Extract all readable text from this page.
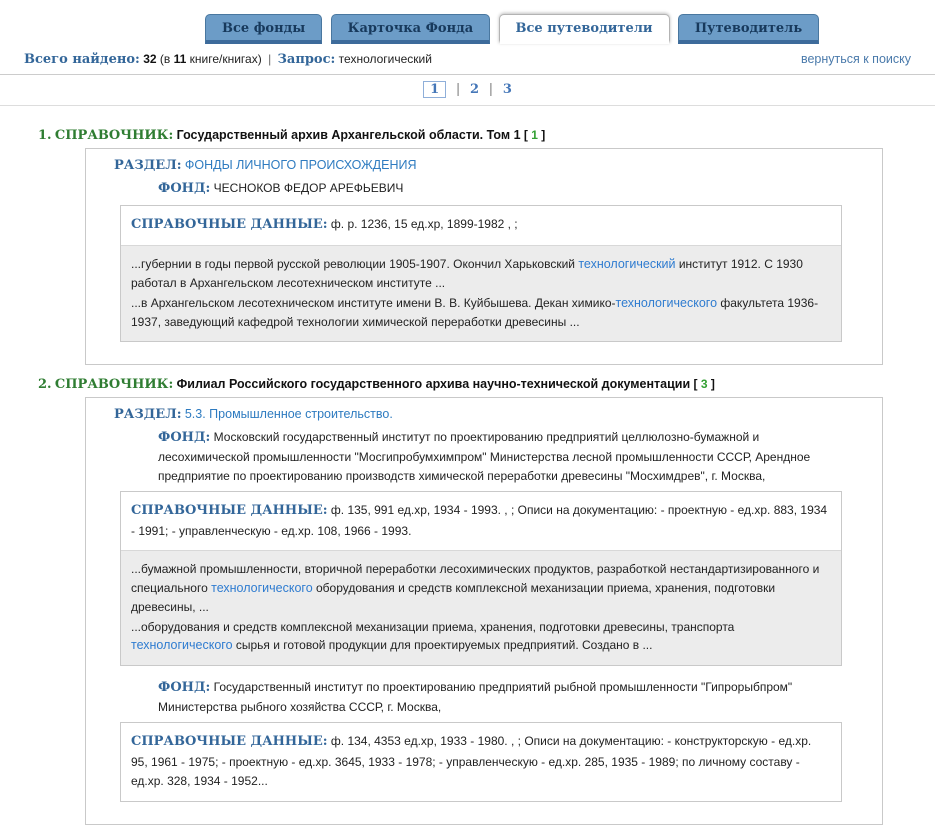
Все фонды	Карточка Фонда	Все путеводители	Путеводитель
вернуться к поиску
Всего найдено: 32 (в 11 книге/книгах) | Запрос: технологический
1 | 2 | 3
1. СПРАВОЧНИК: Государственный архив Архангельской области. Том 1 [ 1 ]
РАЗДЕЛ: ФОНДЫ ЛИЧНОГО ПРОИСХОЖДЕНИЯ
ФОНД: ЧЕСНОКОВ ФЕДОР АРЕФЬЕВИЧ
СПРАВОЧНЫЕ ДАННЫЕ: ф. р. 1236, 15 ед.хр, 1899-1982 , ;
...губернии в годы первой русской революции 1905-1907. Окончил Харьковский технологический институт 1912. С 1930 работал в Архангельском лесотехническом институте ...
...в Архангельском лесотехническом институте имени В. В. Куйбышева. Декан химико-технологического факультета 1936-1937, заведующий кафедрой технологии химической переработки древесины ...
2. СПРАВОЧНИК: Филиал Российского государственного архива научно-технической документации [ 3 ]
РАЗДЕЛ: 5.3. Промышленное строительство.
ФОНД: Московский государственный институт по проектированию предприятий целлюлозно-бумажной и лесохимической промышленности "Мосгипробумхимпром" Министерства лесной промышленности СССР, Арендное предприятие по проектированию производств химической переработки древесины "Мосхимдрев", г. Москва,
СПРАВОЧНЫЕ ДАННЫЕ: ф. 135, 991 ед.хр, 1934 - 1993. , ; Описи на документацию: - проектную - ед.хр. 883, 1934 - 1991; - управленческую - ед.хр. 108, 1966 - 1993.
...бумажной промышленности, вторичной переработки лесохимических продуктов, разработкой нестандартизированного и специального технологического оборудования и средств комплексной механизации приема, хранения, подготовки древесины, ...
...оборудования и средств комплексной механизации приема, хранения, подготовки древесины, транспорта технологического сырья и готовой продукции для проектируемых предприятий. Создано в ...
ФОНД: Государственный институт по проектированию предприятий рыбной промышленности "Гипрорыбпром" Министерства рыбного хозяйства СССР, г. Москва,
СПРАВОЧНЫЕ ДАННЫЕ: ф. 134, 4353 ед.хр, 1933 - 1980. , ; Описи на документацию: - конструкторскую - ед.хр. 95, 1961 - 1975; - проектную - ед.хр. 3645, 1933 - 1978; - управленческую - ед.хр. 285, 1935 - 1989; по личному составу - ед.хр. 328, 1934 - 1952...
